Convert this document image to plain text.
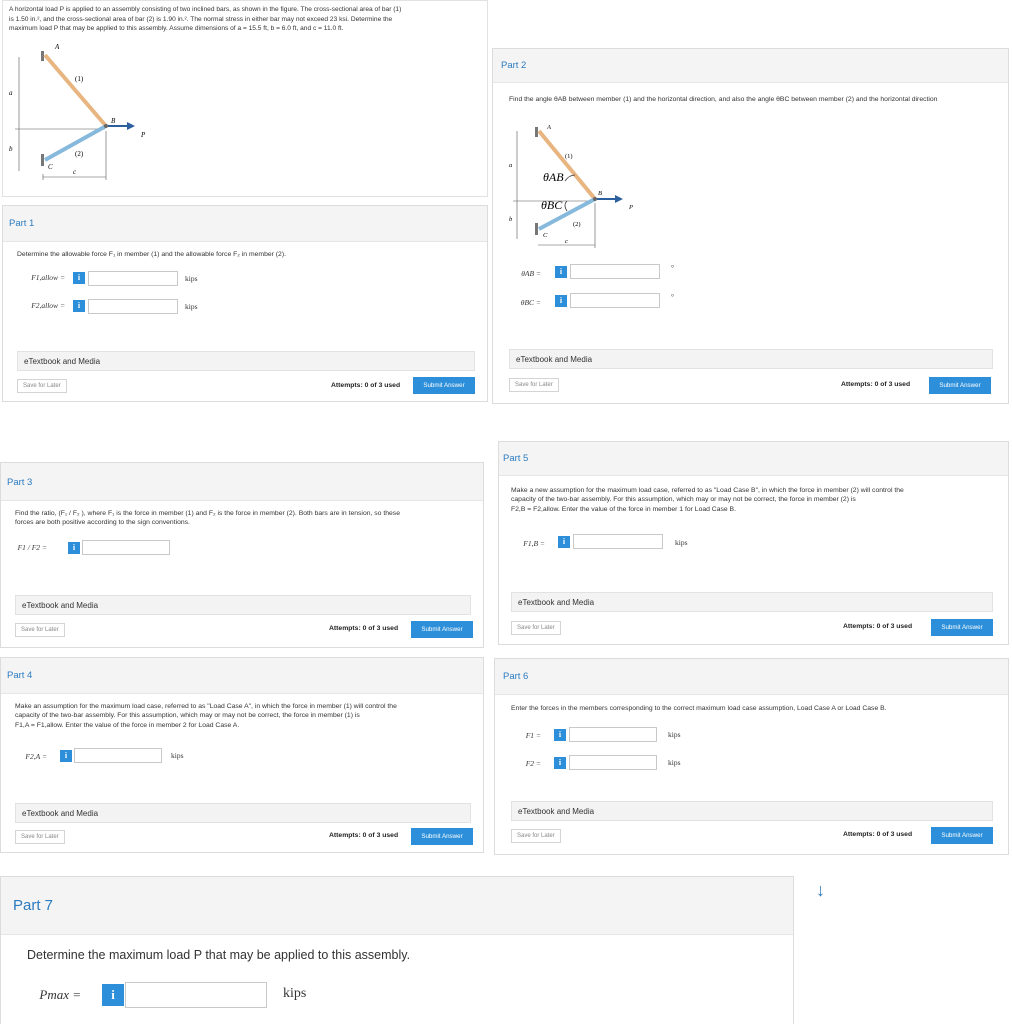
A horizontal load P is applied to an assembly consisting of two inclined bars, as shown in the figure. The cross-sectional area of bar (1)
is 1.50 in.², and the cross-sectional area of bar (2) is 1.90 in.². The normal stress in either bar may not exceed 23 ksi. Determine the
maximum load P that may be applied to this assembly. Assume dimensions of a = 15.5 ft, b = 6.0 ft, and c = 11.0 ft.
A
(1)
(2)
B
P
C
a
b
c
Part 1
Determine the allowable force F₁ in member (1) and the allowable force F₂ in member (2).
F1,allow =	i	kips
F2,allow =	i	kips
eTextbook and Media
Save for Later	Attempts: 0 of 3 used	Submit Answer
Part 2
Find the angle θAB between member (1) and the horizontal direction, and also the angle θBC between member (2) and the horizontal direction
θAB
θBC
A
(1)
(2)
B
P
C
a
b
c
θAB =	i	°
θBC =	i	°
eTextbook and Media
Save for Later	Attempts: 0 of 3 used	Submit Answer
Part 3
Find the ratio, (F₁ / F₂ ), where F₁ is the force in member (1) and F₂ is the force in member (2). Both bars are in tension, so these
forces are both positive according to the sign conventions.
F1 / F2 =	i
eTextbook and Media
Save for Later	Attempts: 0 of 3 used	Submit Answer
Part 4
Make an assumption for the maximum load case, referred to as "Load Case A", in which the force in member (1) will control the
capacity of the two-bar assembly. For this assumption, which may or may not be correct, the force in member (1) is
F1,A = F1,allow. Enter the value of the force in member 2 for Load Case A.
F2,A =	i	kips
eTextbook and Media
Save for Later	Attempts: 0 of 3 used	Submit Answer
Part 5
Make a new assumption for the maximum load case, referred to as "Load Case B", in which the force in member (2) will control the
capacity of the two-bar assembly. For this assumption, which may or may not be correct, the force in member (2) is
F2,B = F2,allow. Enter the value of the force in member 1 for Load Case B.
F1,B =	i	kips
eTextbook and Media
Save for Later	Attempts: 0 of 3 used	Submit Answer
Part 6
Enter the forces in the members corresponding to the correct maximum load case assumption, Load Case A or Load Case B.
F1 =	i	kips
F2 =	i	kips
eTextbook and Media
Save for Later	Attempts: 0 of 3 used	Submit Answer
Part 7
Determine the maximum load P that may be applied to this assembly.
Pmax =	i	kips
↓
